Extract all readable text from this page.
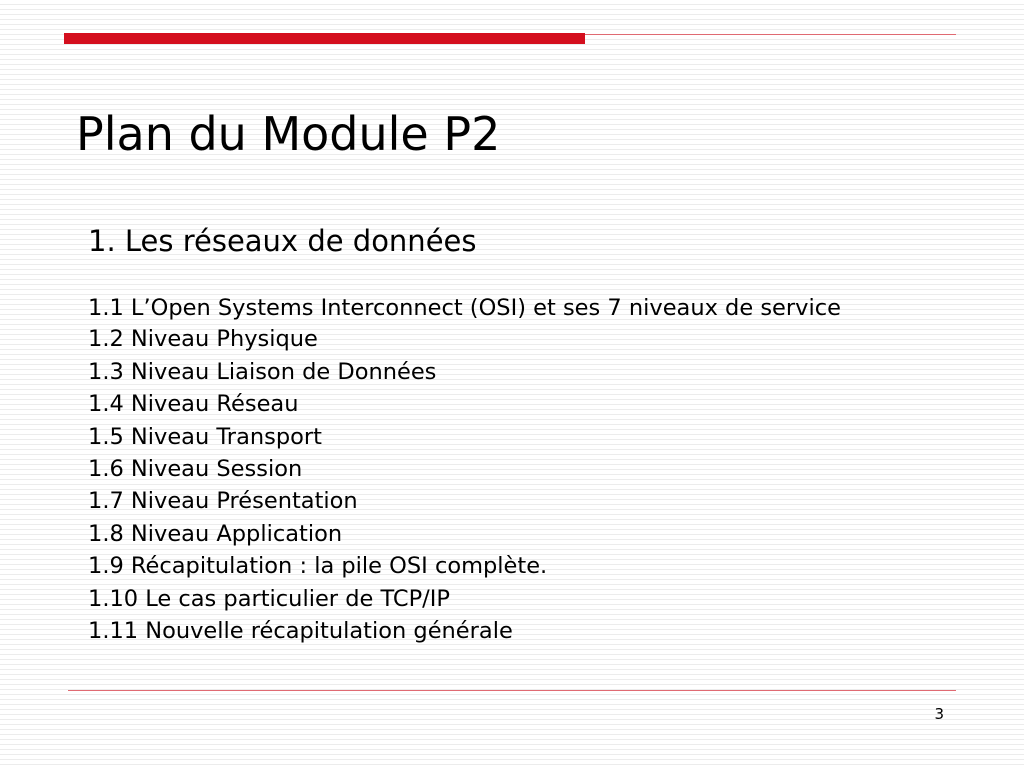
Plan du Module P2
1. Les réseaux de données
1.1 L’Open Systems Interconnect (OSI) et ses 7 niveaux de service
1.2 Niveau Physique
1.3 Niveau Liaison de Données
1.4 Niveau Réseau
1.5 Niveau Transport
1.6 Niveau Session
1.7 Niveau Présentation
1.8 Niveau Application
1.9 Récapitulation : la pile OSI complète.
1.10 Le cas particulier de TCP/IP
1.11 Nouvelle récapitulation générale
3
